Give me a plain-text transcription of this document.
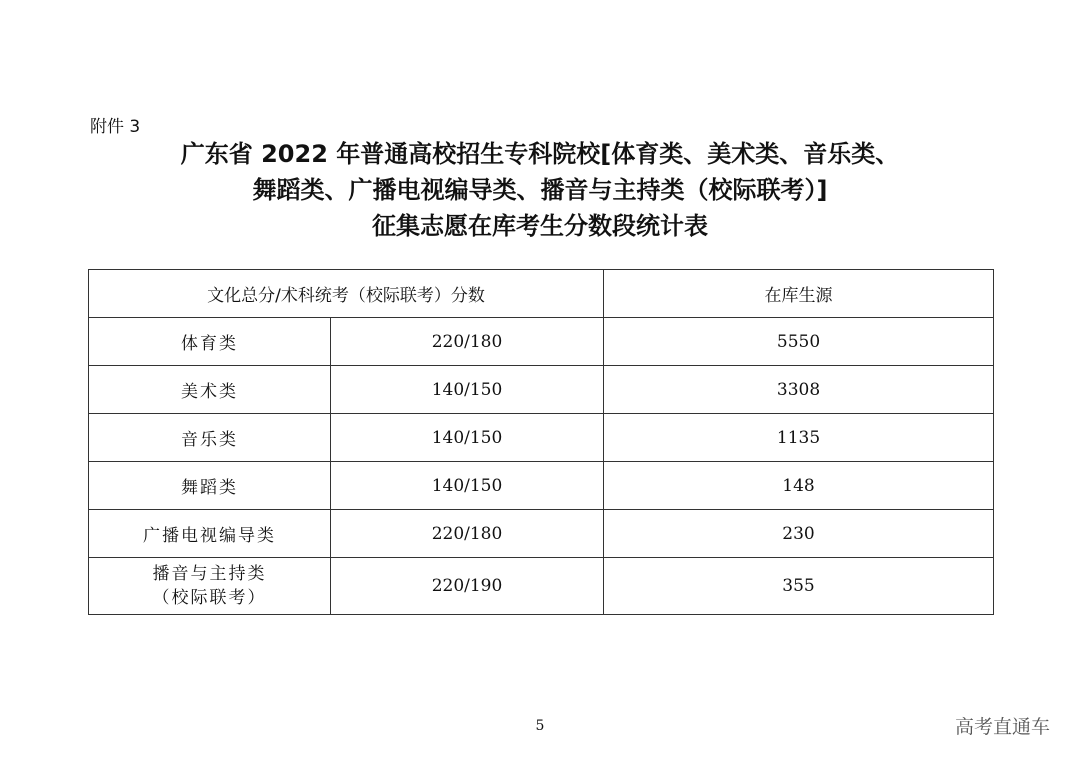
附件 3
广东省 2022 年普通高校招生专科院校[体育类、美术类、音乐类、
舞蹈类、广播电视编导类、播音与主持类（校际联考）]
征集志愿在库考生分数段统计表
文化总分/术科统考（校际联考）分数		在库生源
体育类	220/180	5550
美术类	140/150	3308
音乐类	140/150	1135
舞蹈类	140/150	148
广播电视编导类	220/180	230

播音与主持类
（校际联考）	220/190	355
5	高考直通车
